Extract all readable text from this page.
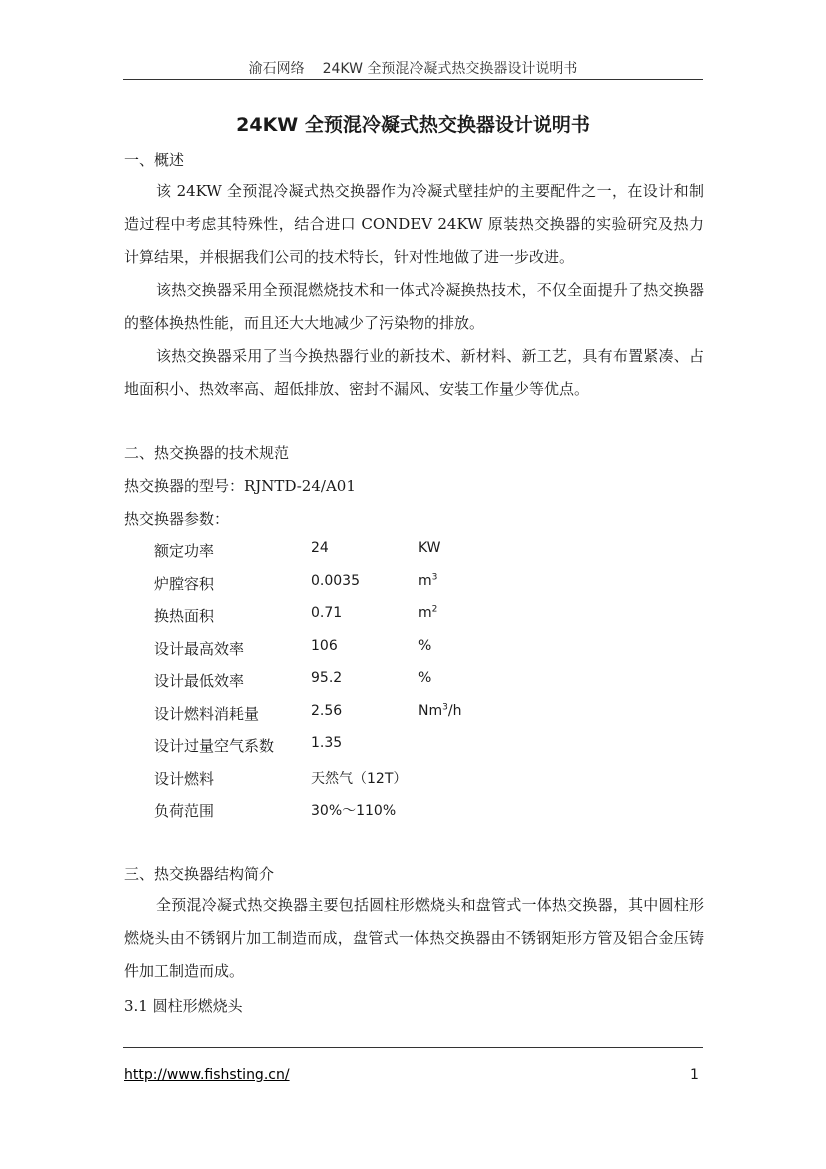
渝石网络 24KW 全预混冷凝式热交换器设计说明书
24KW 全预混冷凝式热交换器设计说明书
一、概述

该 24KW 全预混冷凝式热交换器作为冷凝式壁挂炉的主要配件之一，在设计和制造过程中考虑其特殊性，结合进口 CONDEV 24KW 原装热交换器的实验研究及热力计算结果，并根据我们公司的技术特长，针对性地做了进一步改进。

该热交换器采用全预混燃烧技术和一体式冷凝换热技术，不仅全面提升了热交换器的整体换热性能，而且还大大地减少了污染物的排放。

该热交换器采用了当今换热器行业的新技术、新材料、新工艺，具有布置紧凑、占地面积小、热效率高、超低排放、密封不漏风、安装工作量少等优点。

二、热交换器的技术规范
热交换器的型号：RJNTD-24/A01
热交换器参数：
额定功率	24	KW
炉膛容积	0.0035	$m^3$
换热面积	0.71	$m^2$
设计最高效率	106	%
设计最低效率	95.2	%
设计燃料消耗量	2.56	Nm$^3$/h
设计过量空气系数	1.35
设计燃料	天然气（12T）
负荷范围	30%～110%
三、热交换器结构简介

全预混冷凝式热交换器主要包括圆柱形燃烧头和盘管式一体热交换器，其中圆柱形燃烧头由不锈钢片加工制造而成，盘管式一体热交换器由不锈钢矩形方管及铝合金压铸件加工制造而成。

3.1 圆柱形燃烧头
http://www.fishsting.cn/	1
